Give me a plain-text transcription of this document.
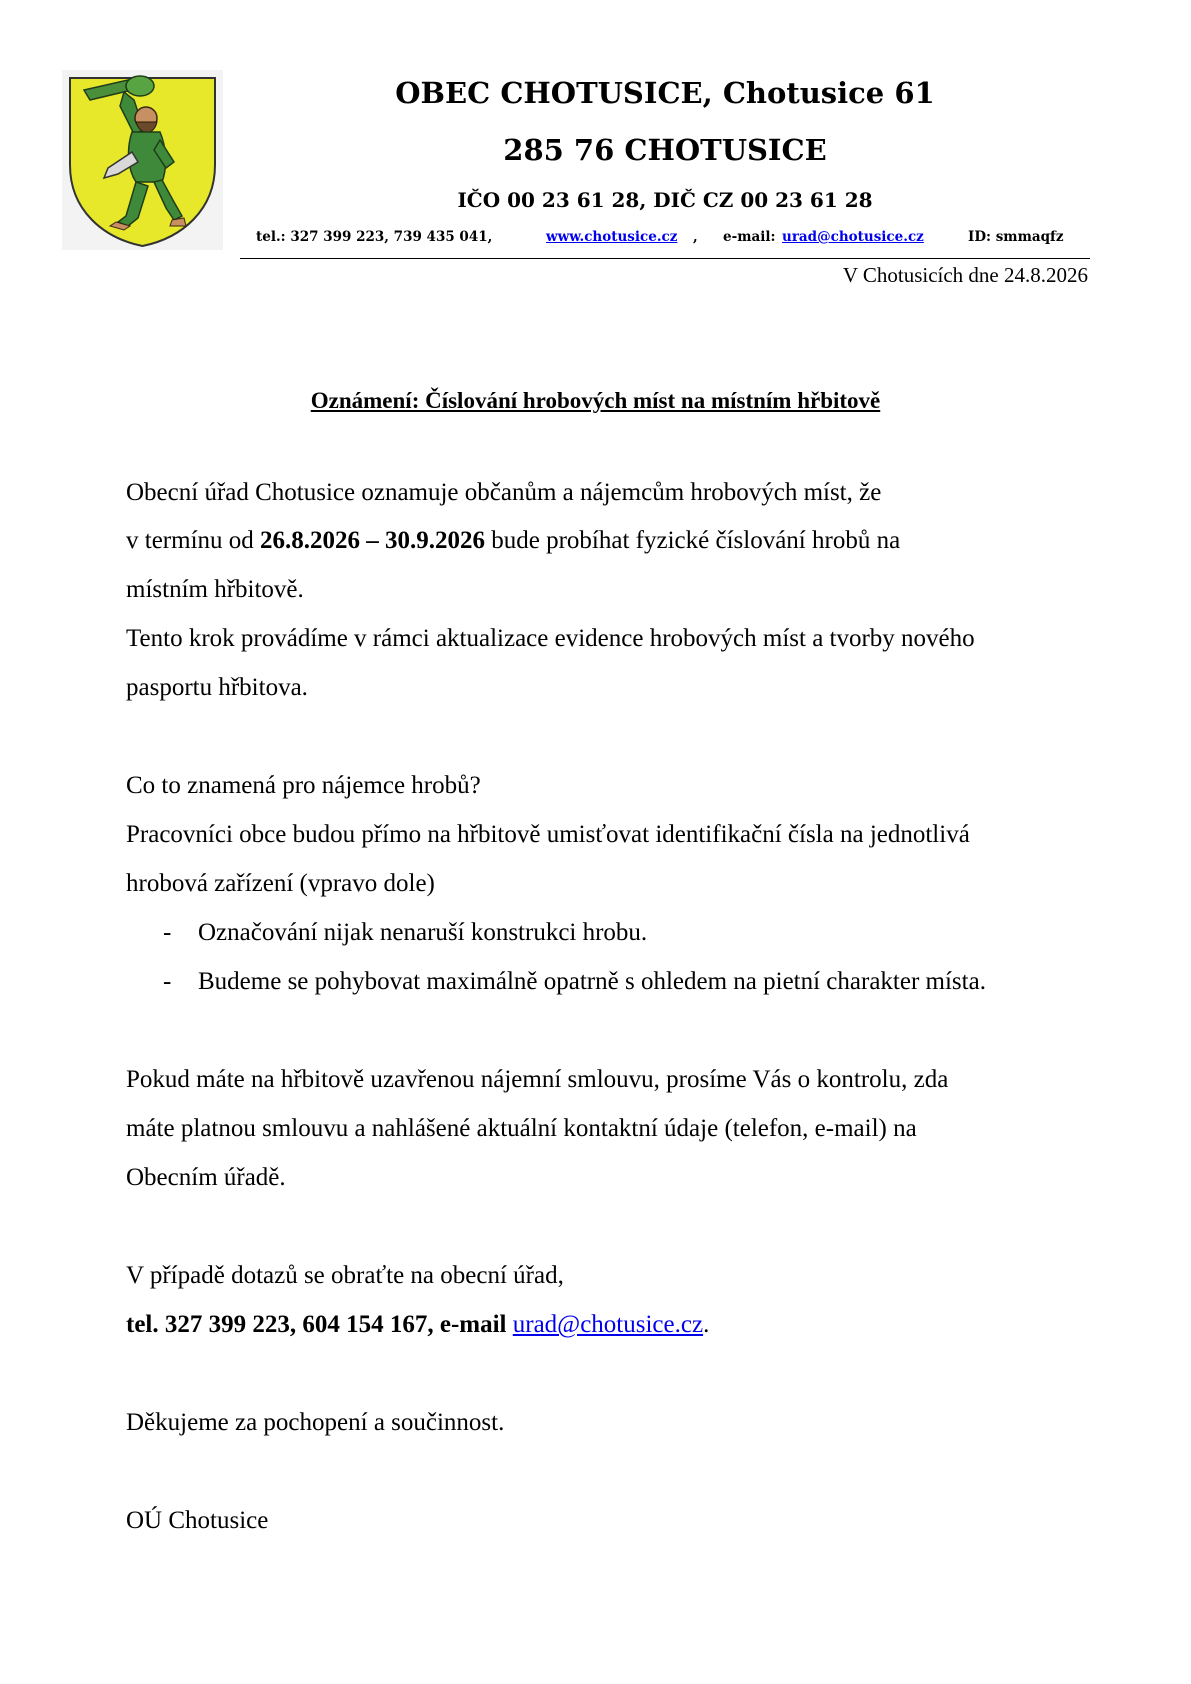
OBEC CHOTUSICE, Chotusice 61
285 76 CHOTUSICE
IČO 00 23 61 28, DIČ CZ 00 23 61 28
tel.: 327 399 223, 739 435 041,	www.chotusice.cz , e-mail: urad@chotusice.cz	ID: smmaqfz
V Chotusicích dne 24.8.2026
Oznámení: Číslování hrobových míst na místním hřbitově
Obecní úřad Chotusice oznamuje občanům a nájemcům hrobových míst, že
v termínu od 26.8.2026 – 30.9.2026 bude probíhat fyzické číslování hrobů na
místním hřbitově.
Tento krok provádíme v rámci aktualizace evidence hrobových míst a tvorby nového
pasportu hřbitova.
Co to znamená pro nájemce hrobů?
Pracovníci obce budou přímo na hřbitově umisťovat identifikační čísla na jednotlivá
hrobová zařízení (vpravo dole)
- Označování nijak nenaruší konstrukci hrobu.
- Budeme se pohybovat maximálně opatrně s ohledem na pietní charakter místa.
Pokud máte na hřbitově uzavřenou nájemní smlouvu, prosíme Vás o kontrolu, zda
máte platnou smlouvu a nahlášené aktuální kontaktní údaje (telefon, e-mail) na
Obecním úřadě.
V případě dotazů se obraťte na obecní úřad,
tel. 327 399 223, 604 154 167, e-mail urad@chotusice.cz.
Děkujeme za pochopení a součinnost.
OÚ Chotusice
